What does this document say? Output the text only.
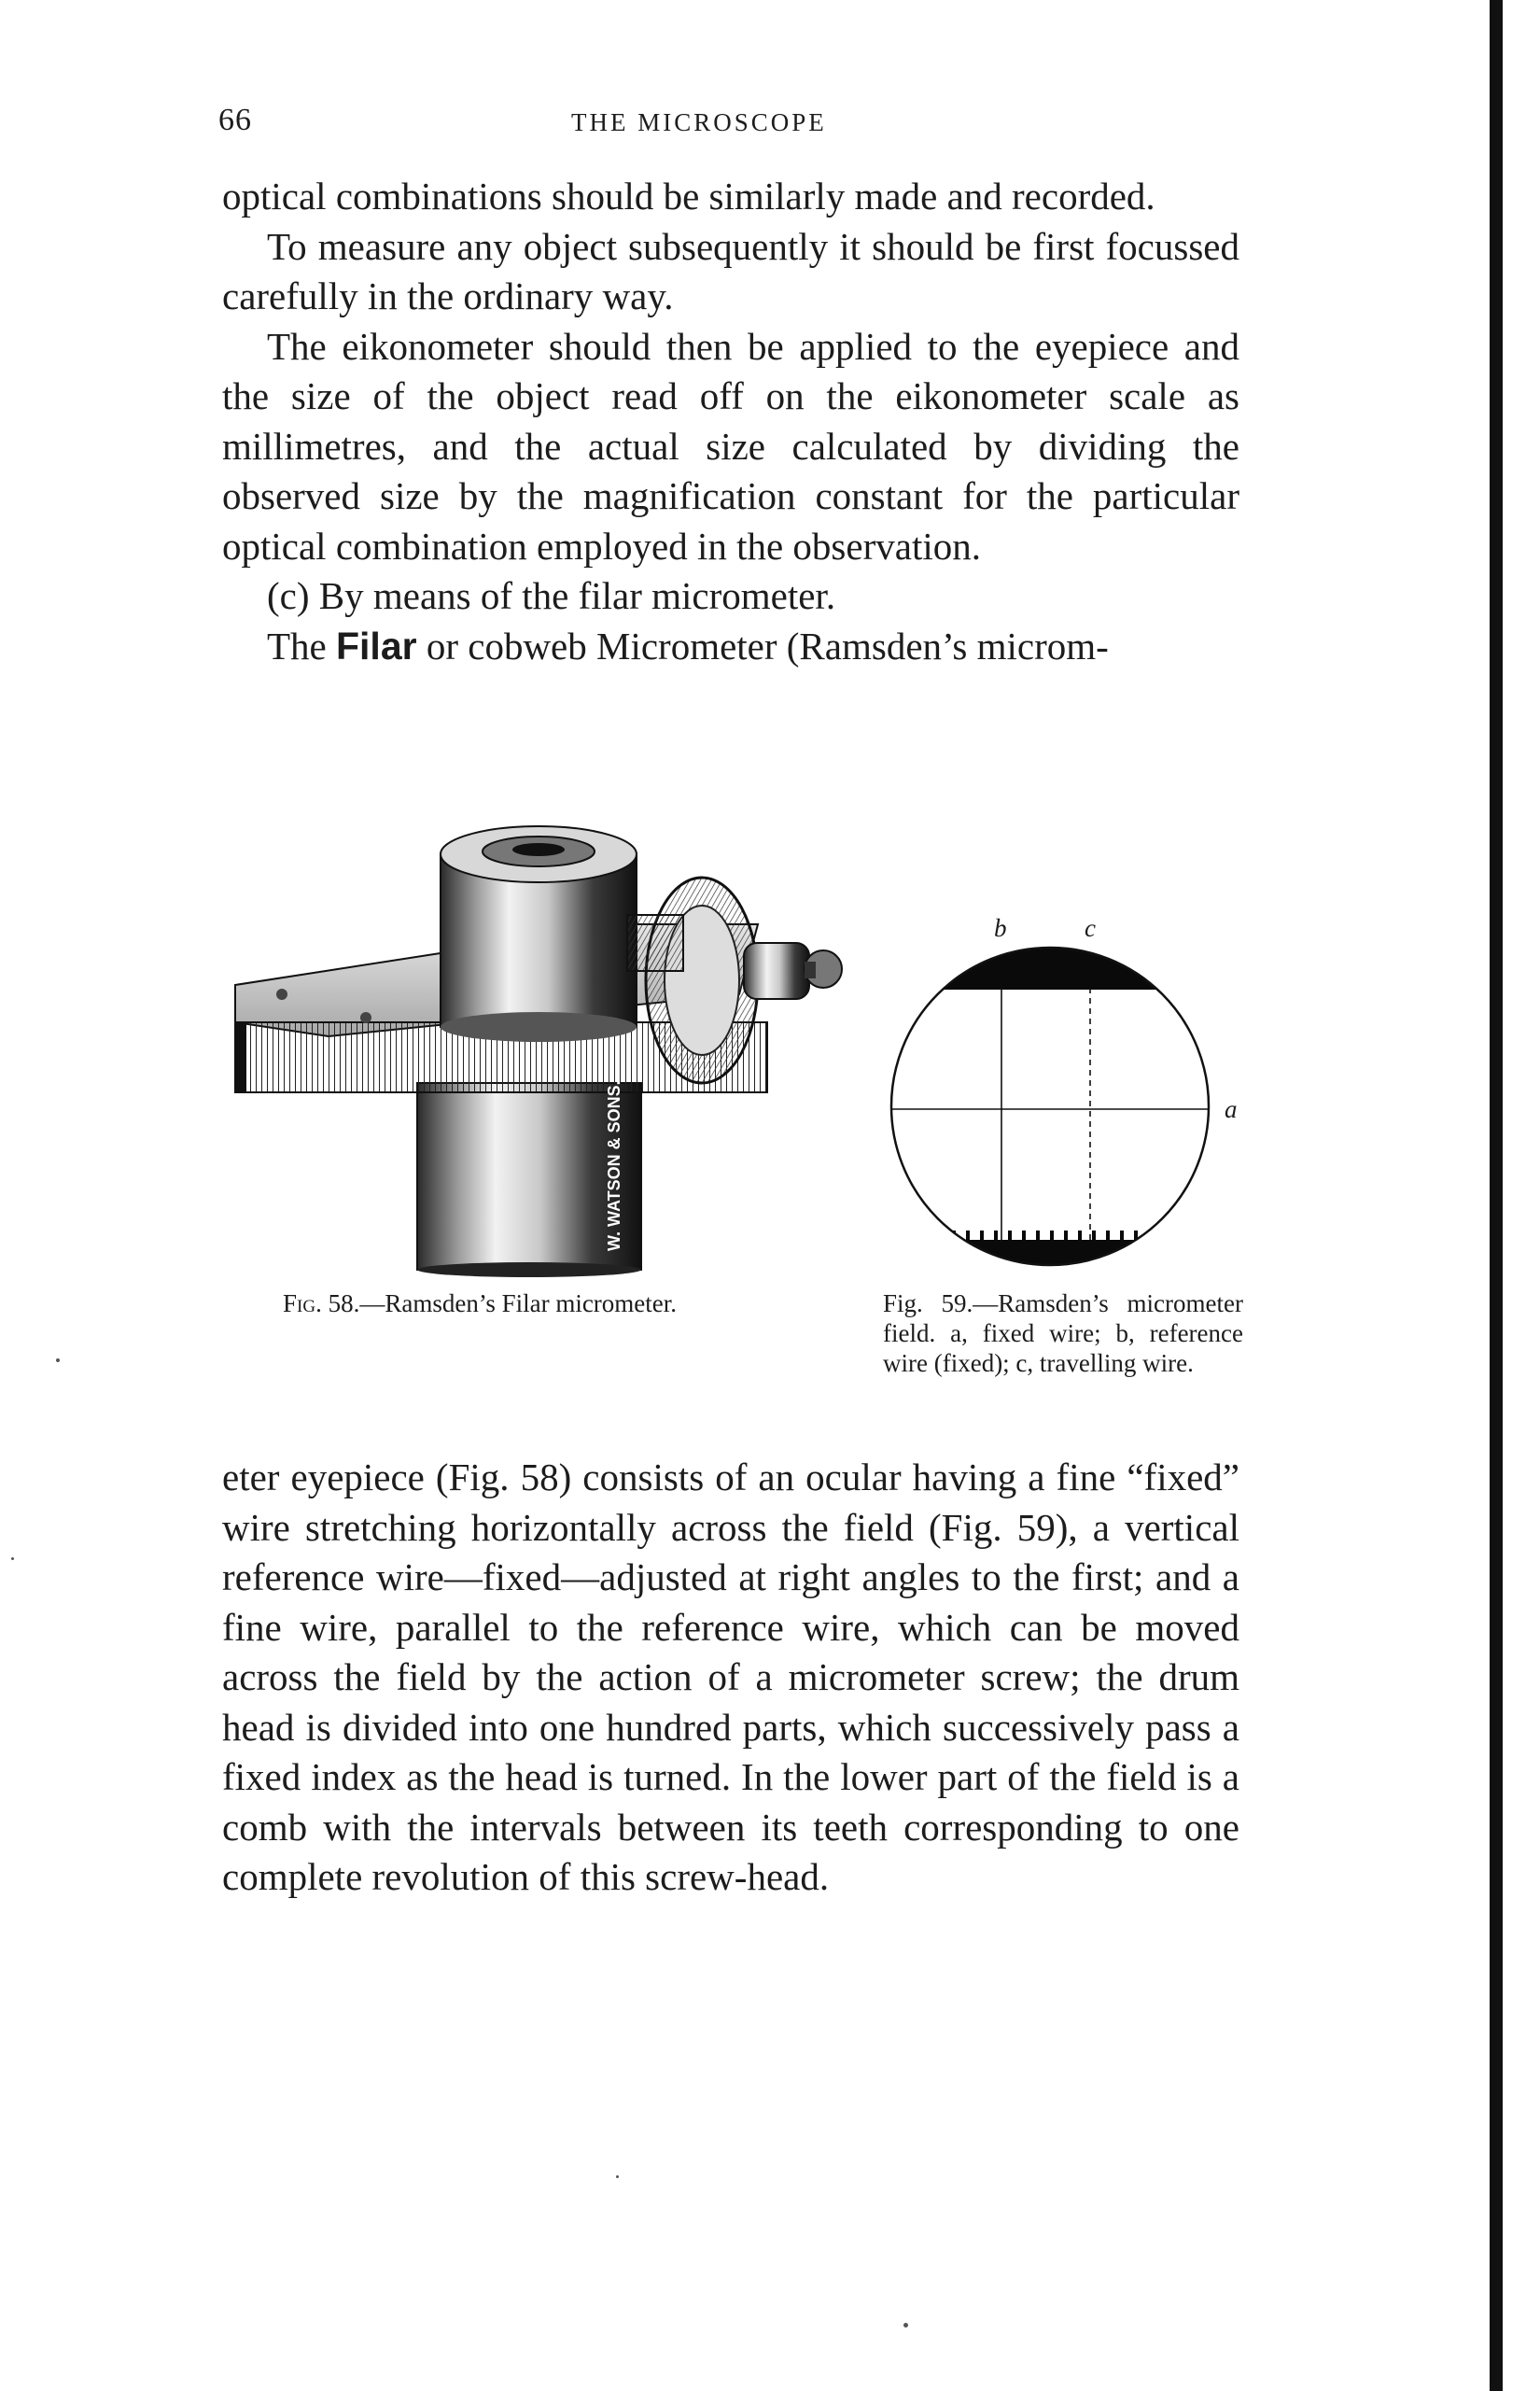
66	THE MICROSCOPE

optical combinations should be similarly made and recorded.

To measure any object subsequently it should be first focussed carefully in the ordinary way.

The eikonometer should then be applied to the eyepiece and the size of the object read off on the eikonometer scale as millimetres, and the actual size calculated by dividing the observed size by the magnification constant for the particular optical combination employed in the observation.

(c) By means of the filar micrometer.

The Filar or cobweb Micrometer (Ramsden’s microm-

W. WATSON & SONS.
b	c
a
Fig. 58.—Ramsden’s Filar micrometer.	Fig. 59.—Ramsden’s micrometer field. a, fixed wire; b, reference wire (fixed); c, travelling wire.

eter eyepiece (Fig. 58) consists of an ocular having a fine “fixed” wire stretching horizontally across the field (Fig. 59), a vertical reference wire—fixed—adjusted at right angles to the first; and a fine wire, parallel to the reference wire, which can be moved across the field by the action of a micrometer screw; the drum head is divided into one hundred parts, which successively pass a fixed index as the head is turned. In the lower part of the field is a comb with the intervals between its teeth corresponding to one complete revolution of this screw-head.
